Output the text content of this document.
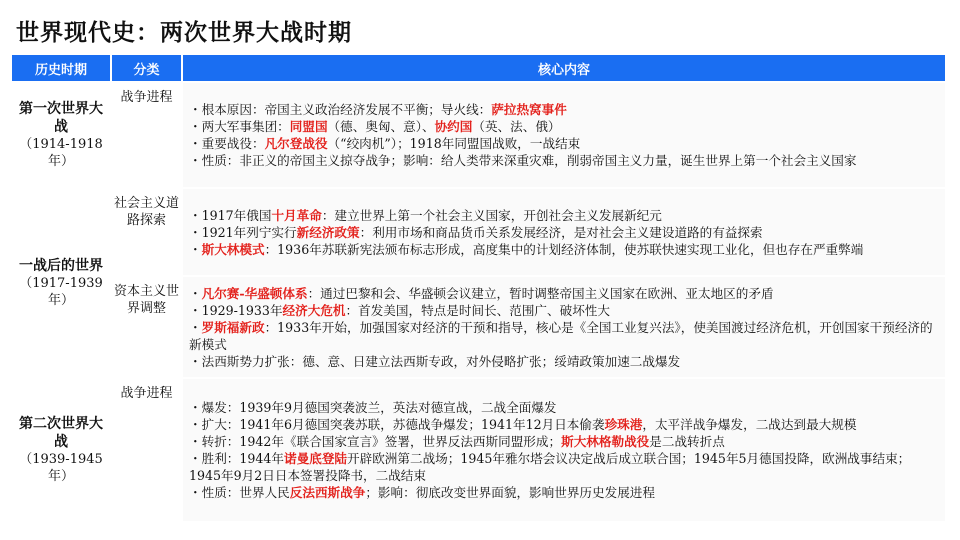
世界现代史：两次世界大战时期
历史时期	分类	核心内容

第一次世界大战
（1914-1918年）	战争进程	・根本原因：帝国主义政治经济发展不平衡；导火线：萨拉热窝事件
・两大军事集团：同盟国（德、奥匈、意）、协约国（英、法、俄）
・重要战役：凡尔登战役（“绞肉机”）；1918年同盟国战败，一战结束
・性质：非正义的帝国主义掠夺战争；影响：给人类带来深重灾难，削弱帝国主义力量，诞生世界上第一个社会主义国家

一战后的世界
（1917-1939年）	社会主义道路探索	・1917年俄国十月革命：建立世界上第一个社会主义国家，开创社会主义发展新纪元
・1921年列宁实行新经济政策：利用市场和商品货币关系发展经济，是对社会主义建设道路的有益探索
・斯大林模式：1936年苏联新宪法颁布标志形成，高度集中的计划经济体制，使苏联快速实现工业化，但也存在严重弊端

	资本主义世界调整	・凡尔赛-华盛顿体系：通过巴黎和会、华盛顿会议建立，暂时调整帝国主义国家在欧洲、亚太地区的矛盾
・1929-1933年经济大危机：首发美国，特点是时间长、范围广、破坏性大
・罗斯福新政：1933年开始，加强国家对经济的干预和指导，核心是《全国工业复兴法》，使美国渡过经济危机，开创国家干预经济的新模式
・法西斯势力扩张：德、意、日建立法西斯专政，对外侵略扩张；绥靖政策加速二战爆发

第二次世界大战
（1939-1945年）	战争进程	・爆发：1939年9月德国突袭波兰，英法对德宣战，二战全面爆发
・扩大：1941年6月德国突袭苏联，苏德战争爆发；1941年12月日本偷袭珍珠港，太平洋战争爆发，二战达到最大规模
・转折：1942年《联合国家宣言》签署，世界反法西斯同盟形成；斯大林格勒战役是二战转折点
・胜利：1944年诺曼底登陆开辟欧洲第二战场；1945年雅尔塔会议决定战后成立联合国；1945年5月德国投降，欧洲战事结束；1945年9月2日日本签署投降书，二战结束
・性质：世界人民反法西斯战争；影响：彻底改变世界面貌，影响世界历史发展进程
